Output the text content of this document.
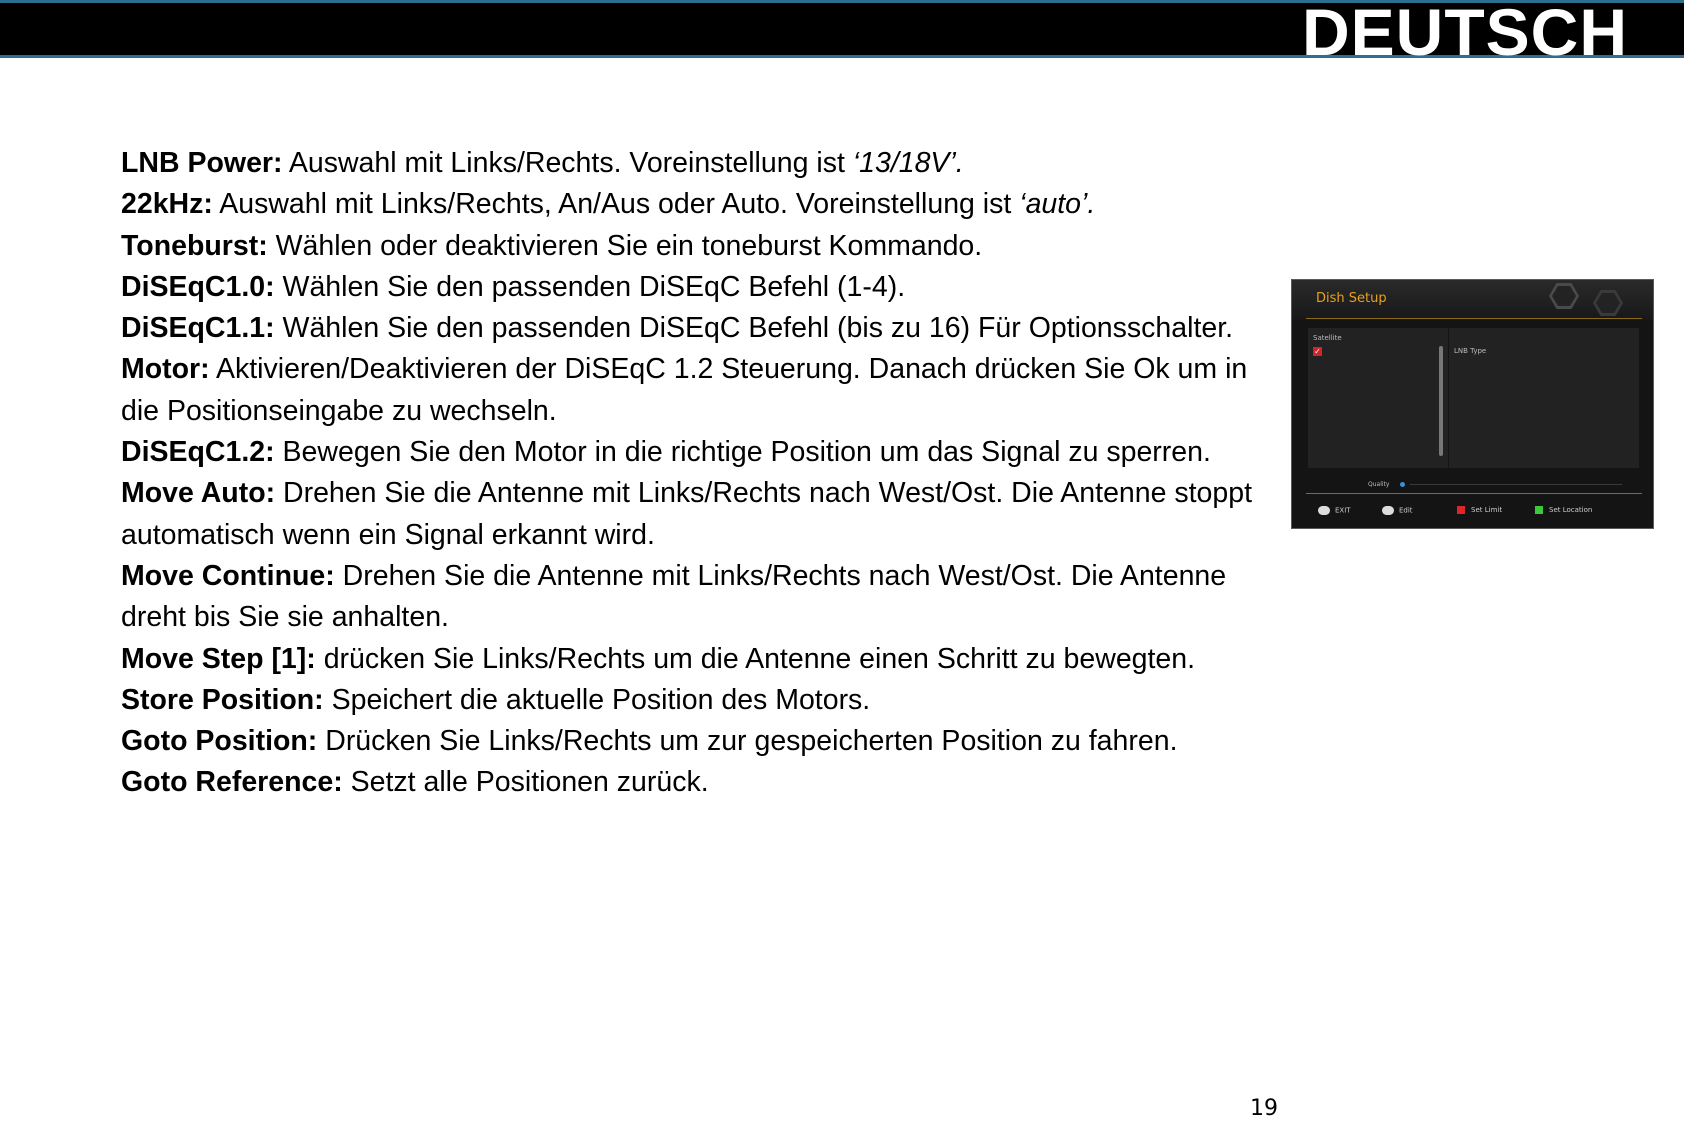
DEUTSCH

LNB Power: Auswahl mit Links/Rechts. Voreinstellung ist ‘13/18V’.

22kHz: Auswahl mit Links/Rechts, An/Aus oder Auto. Voreinstellung ist ‘auto’.

Toneburst: Wählen oder deaktivieren Sie ein toneburst Kommando.

DiSEqC1.0: Wählen Sie den passenden DiSEqC Befehl (1-4).

DiSEqC1.1: Wählen Sie den passenden DiSEqC Befehl (bis zu 16) Für Optionsschalter.

Motor: Aktivieren/Deaktivieren der DiSEqC 1.2 Steuerung. Danach drücken Sie Ok um in die Positionseingabe zu wechseln.

DiSEqC1.2: Bewegen Sie den Motor in die richtige Position um das Signal zu sperren.

Move Auto: Drehen Sie die Antenne mit Links/Rechts nach West/Ost. Die Antenne stoppt automatisch wenn ein Signal erkannt wird.

Move Continue: Drehen Sie die Antenne mit Links/Rechts nach West/Ost. Die Antenne dreht bis Sie sie anhalten.

Move Step [1]: drücken Sie Links/Rechts um die Antenne einen Schritt zu bewegten.

Store Position: Speichert die aktuelle Position des Motors.

Goto Position: Drücken Sie Links/Rechts um zur gespeicherten Position zu fahren.

Goto Reference: Setzt alle Positionen zurück.

Dish Setup
Satellite
✓	LNB Type
Quality
EXIT	Edit	Set Limit	Set Location
19
